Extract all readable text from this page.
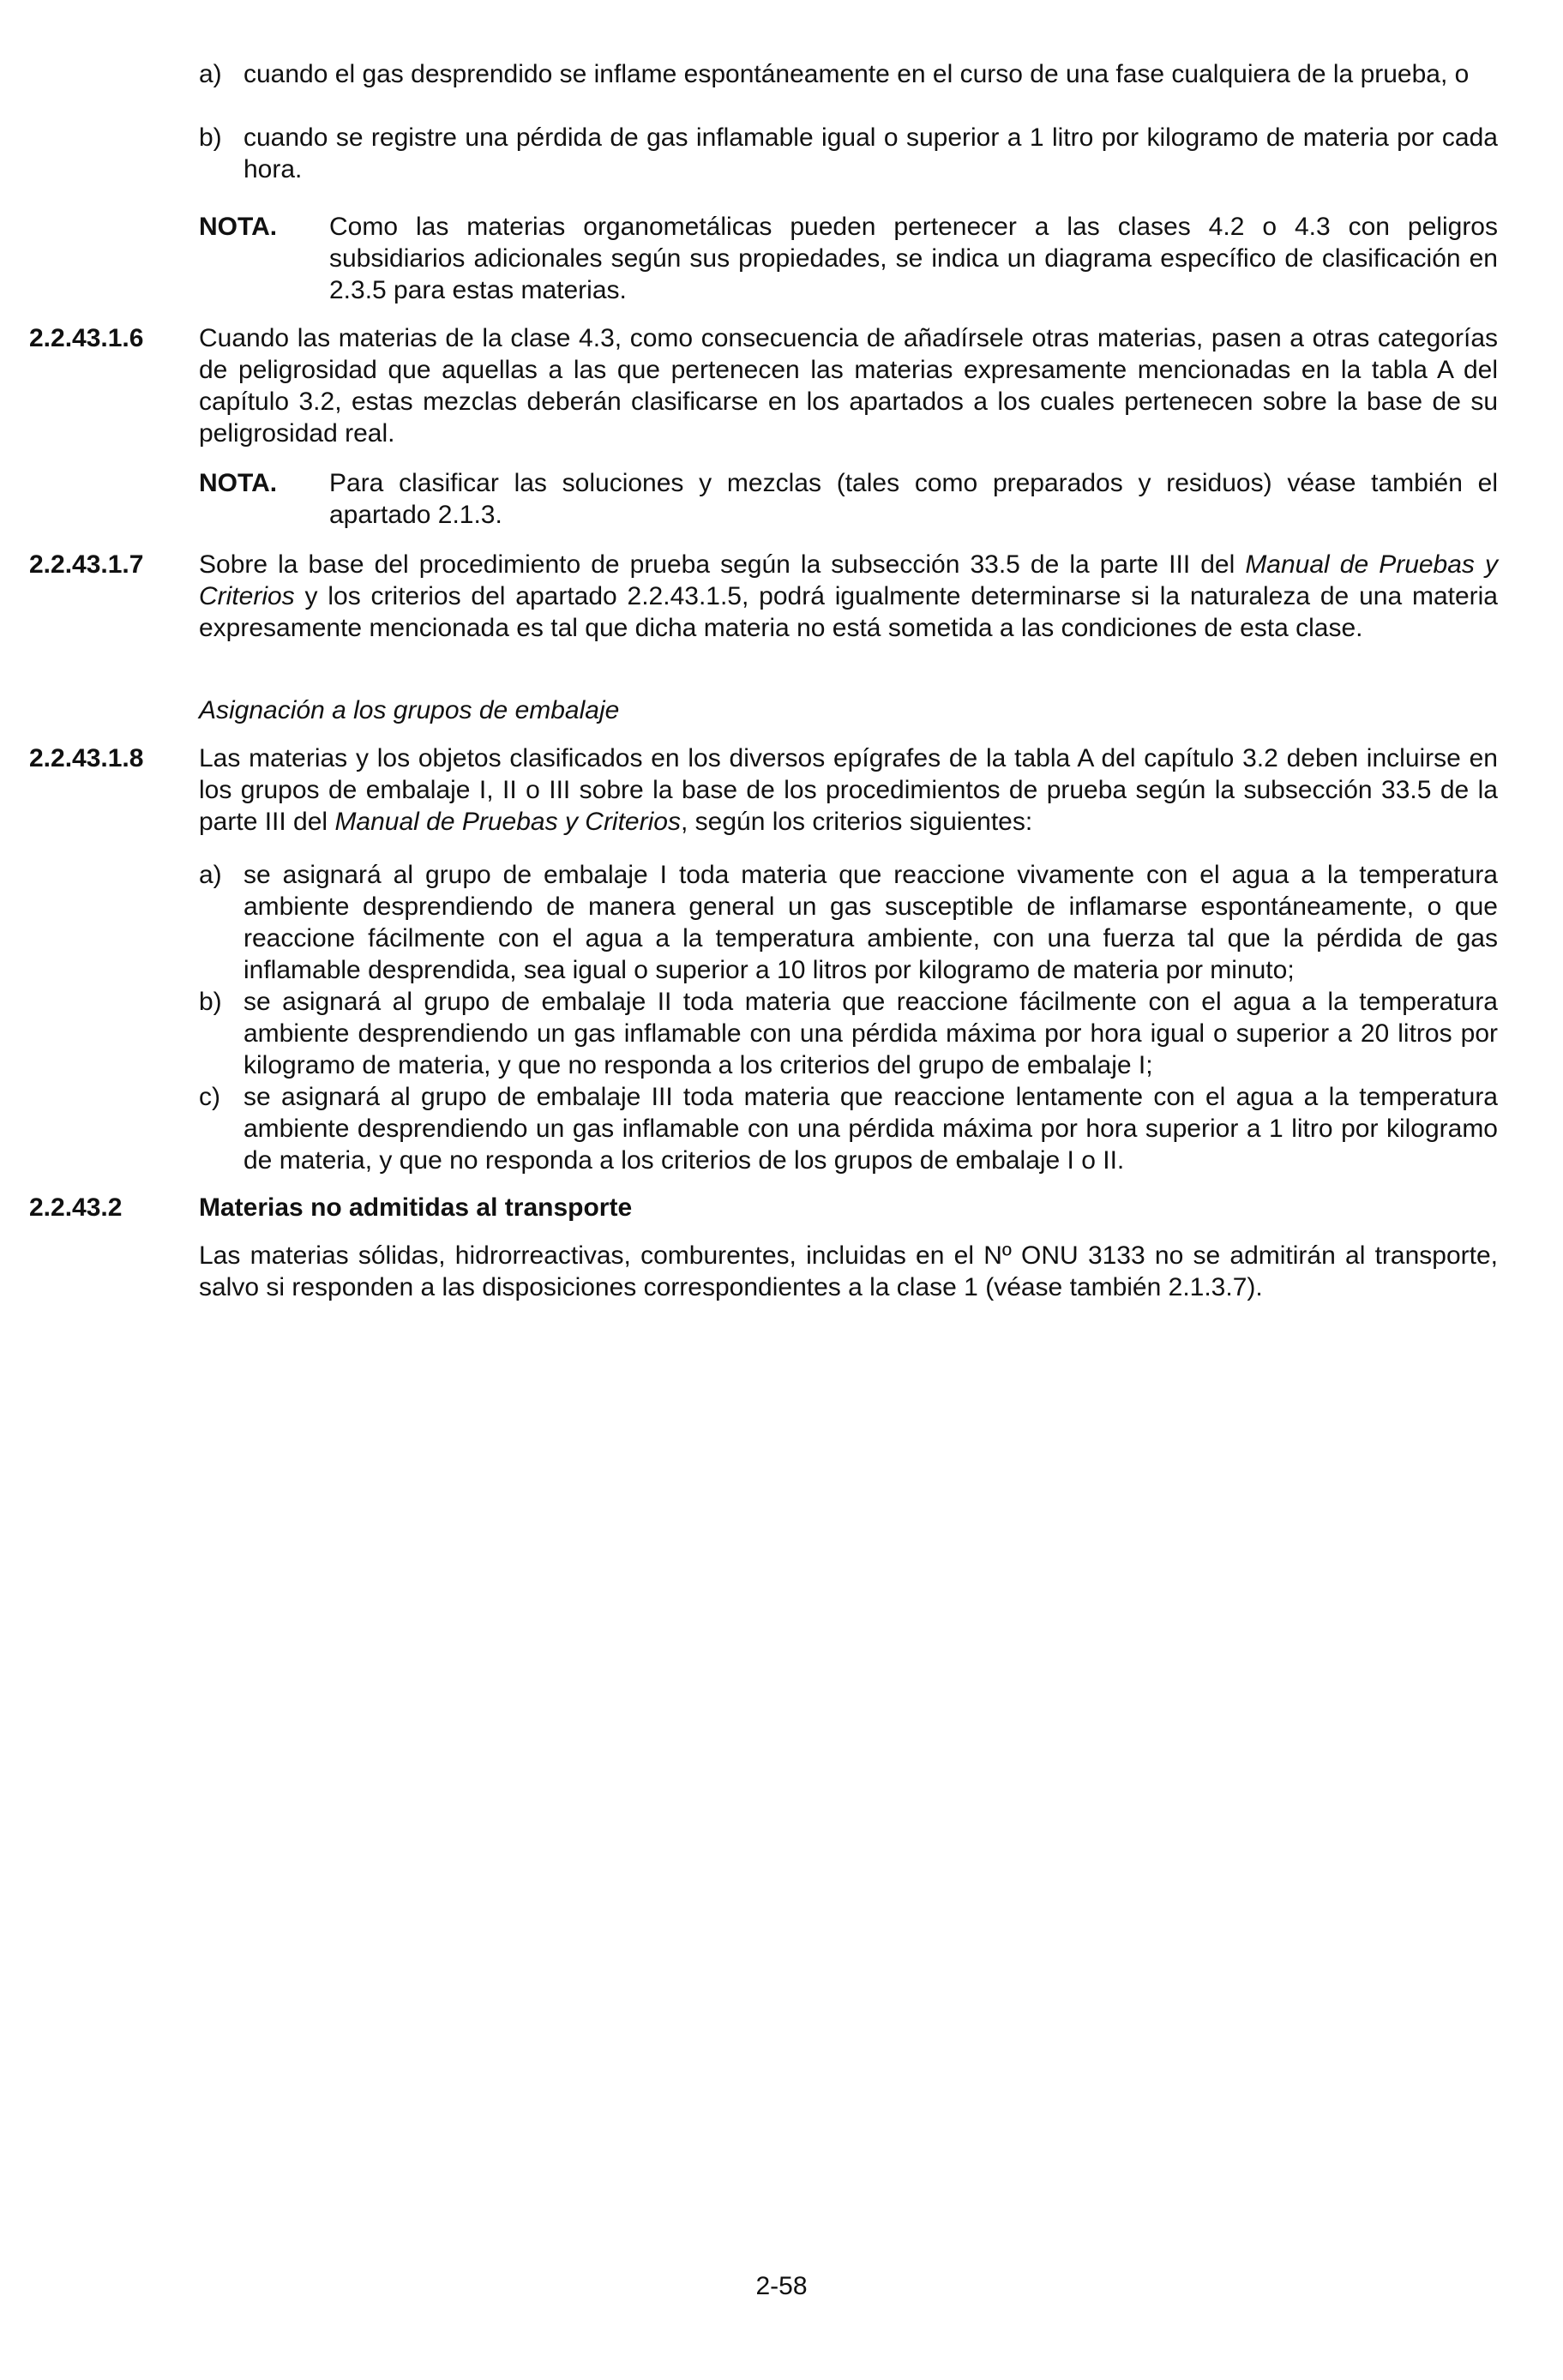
a) cuando el gas desprendido se inflame espontáneamente en el curso de una fase cualquiera de la prueba, o
b) cuando se registre una pérdida de gas inflamable igual o superior a 1 litro por kilogramo de materia por cada hora.
NOTA. Como las materias organometálicas pueden pertenecer a las clases 4.2 o 4.3 con peligros subsidiarios adicionales según sus propiedades, se indica un diagrama específico de clasificación en 2.3.5 para estas materias.
2.2.43.1.6 Cuando las materias de la clase 4.3, como consecuencia de añadírsele otras materias, pasen a otras categorías de peligrosidad que aquellas a las que pertenecen las materias expresamente mencionadas en la tabla A del capítulo 3.2, estas mezclas deberán clasificarse en los apartados a los cuales pertenecen sobre la base de su peligrosidad real.
NOTA. Para clasificar las soluciones y mezclas (tales como preparados y residuos) véase también el apartado 2.1.3.
2.2.43.1.7 Sobre la base del procedimiento de prueba según la subsección 33.5 de la parte III del Manual de Pruebas y Criterios y los criterios del apartado 2.2.43.1.5, podrá igualmente determinarse si la naturaleza de una materia expresamente mencionada es tal que dicha materia no está sometida a las condiciones de esta clase.
Asignación a los grupos de embalaje
2.2.43.1.8 Las materias y los objetos clasificados en los diversos epígrafes de la tabla A del capítulo 3.2 deben incluirse en los grupos de embalaje I, II o III sobre la base de los procedimientos de prueba según la subsección 33.5 de la parte III del Manual de Pruebas y Criterios, según los criterios siguientes:
a) se asignará al grupo de embalaje I toda materia que reaccione vivamente con el agua a la temperatura ambiente desprendiendo de manera general un gas susceptible de inflamarse espontáneamente, o que reaccione fácilmente con el agua a la temperatura ambiente, con una fuerza tal que la pérdida de gas inflamable desprendida, sea igual o superior a 10 litros por kilogramo de materia por minuto;
b) se asignará al grupo de embalaje II toda materia que reaccione fácilmente con el agua a la temperatura ambiente desprendiendo un gas inflamable con una pérdida máxima por hora igual o superior a 20 litros por kilogramo de materia, y que no responda a los criterios del grupo de embalaje I;
c) se asignará al grupo de embalaje III toda materia que reaccione lentamente con el agua a la temperatura ambiente desprendiendo un gas inflamable con una pérdida máxima por hora superior a 1 litro por kilogramo de materia, y que no responda a los criterios de los grupos de embalaje I o II.
2.2.43.2	Materias no admitidas al transporte
Las materias sólidas, hidrorreactivas, comburentes, incluidas en el Nº ONU 3133 no se admitirán al transporte, salvo si responden a las disposiciones correspondientes a la clase 1 (véase también 2.1.3.7).
2-58
